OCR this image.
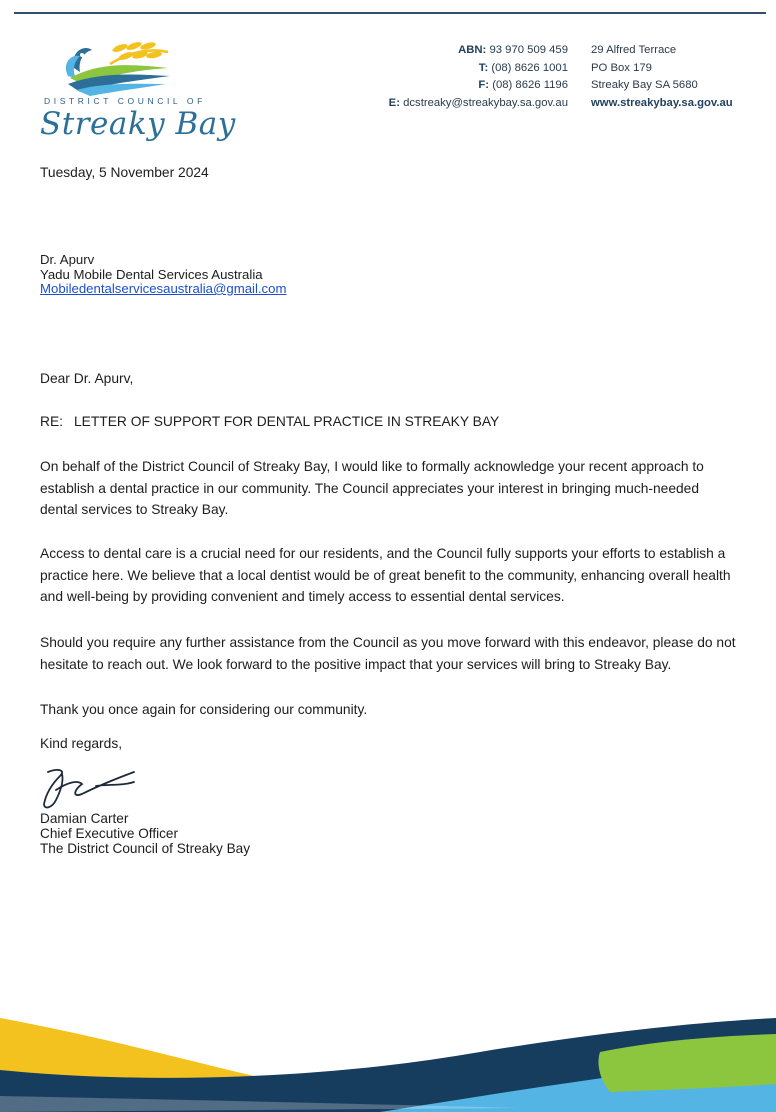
DISTRICT COUNCIL OF
Streaky Bay
ABN: 93 970 509 459
T: (08) 8626 1001
F: (08) 8626 1196
E: dcstreaky@streakybay.sa.gov.au
29 Alfred Terrace
PO Box 179
Streaky Bay SA 5680
www.streakybay.sa.gov.au
Tuesday, 5 November 2024
Dr. Apurv
Yadu Mobile Dental Services Australia
Mobiledentalservicesaustralia@gmail.com
Dear Dr. Apurv,
RE: LETTER OF SUPPORT FOR DENTAL PRACTICE IN STREAKY BAY

On behalf of the District Council of Streaky Bay, I would like to formally acknowledge your recent approach to establish a dental practice in our community. The Council appreciates your interest in bringing much-needed dental services to Streaky Bay.

Access to dental care is a crucial need for our residents, and the Council fully supports your efforts to establish a practice here. We believe that a local dentist would be of great benefit to the community, enhancing overall health and well-being by providing convenient and timely access to essential dental services.

Should you require any further assistance from the Council as you move forward with this endeavor, please do not hesitate to reach out. We look forward to the positive impact that your services will bring to Streaky Bay.

Thank you once again for considering our community.

Kind regards,
Damian Carter
Chief Executive Officer
The District Council of Streaky Bay
